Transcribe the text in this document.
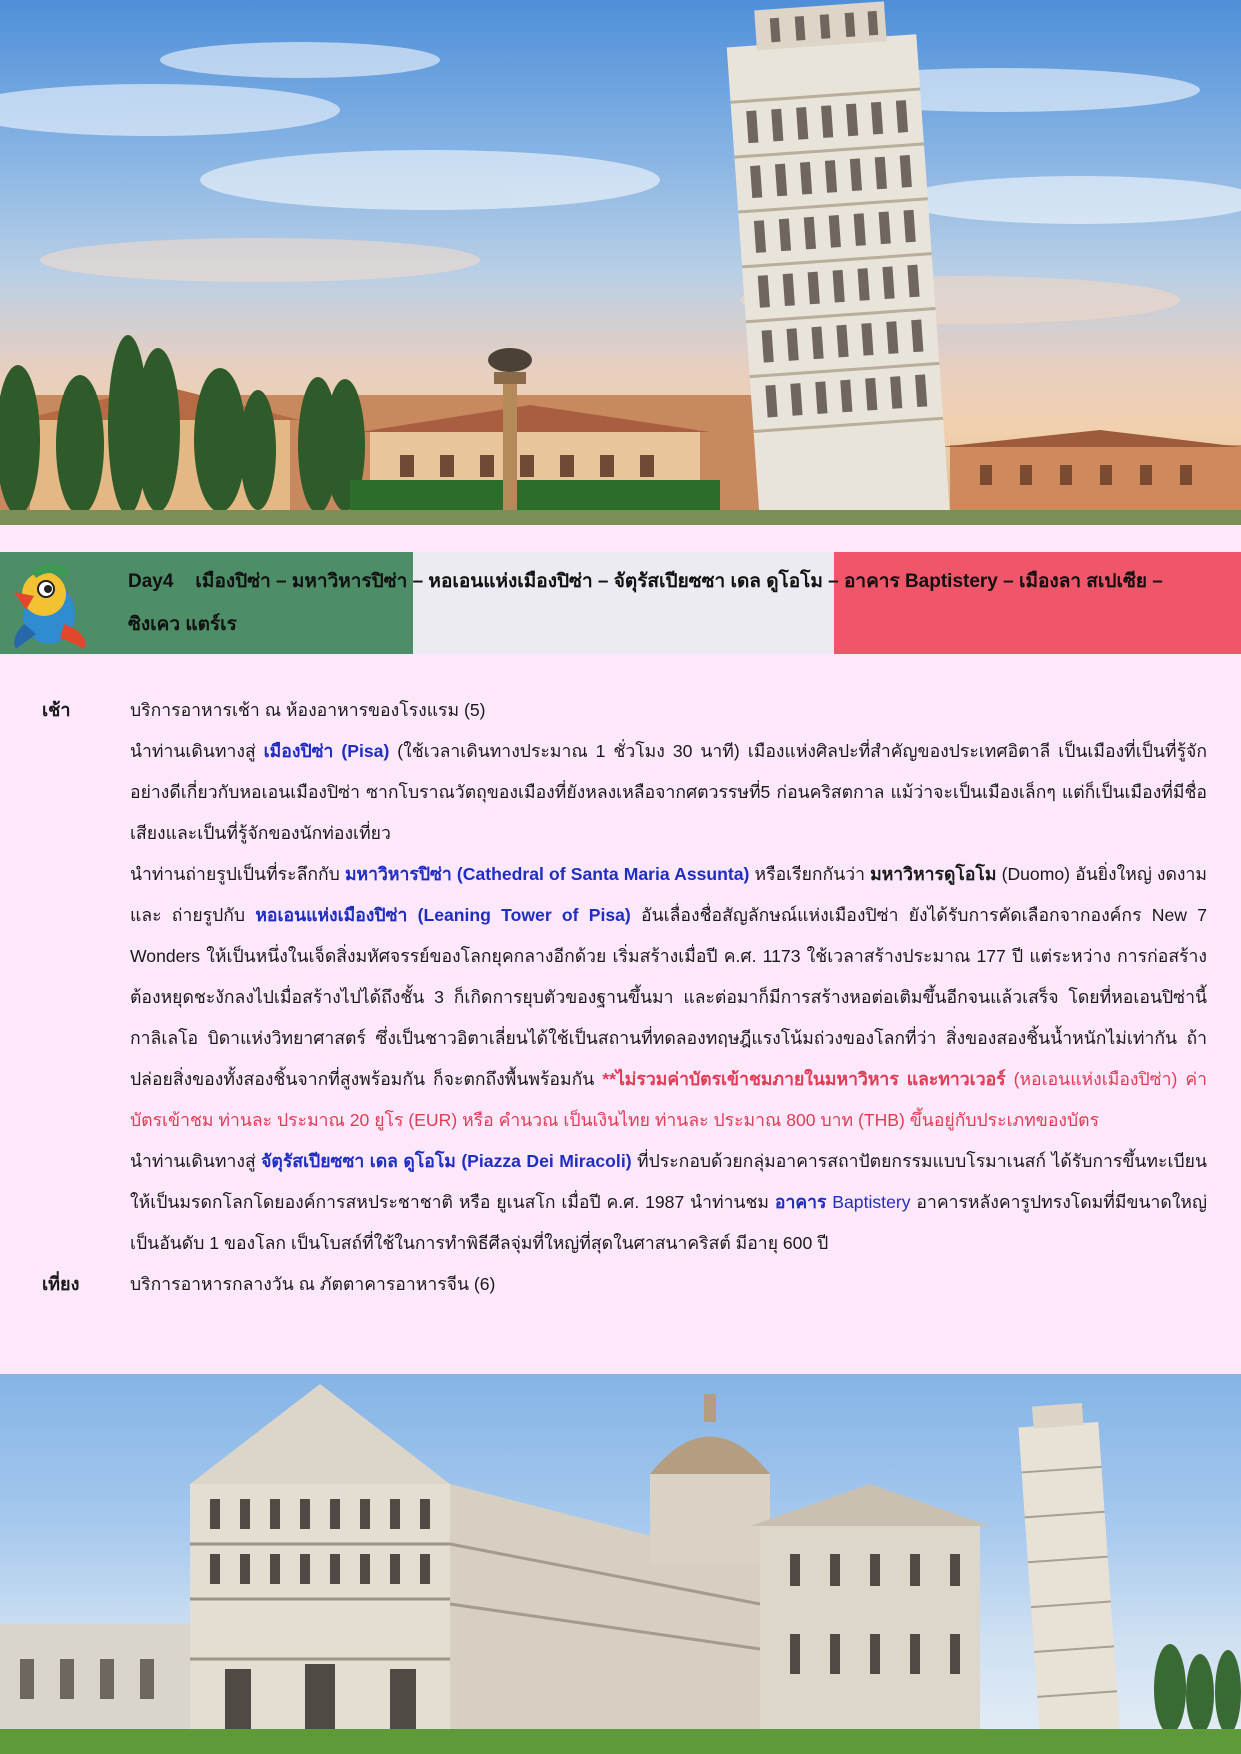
Day4 เมืองปิซ่า – มหาวิหารปิซ่า – หอเอนแห่งเมืองปิซ่า – จัตุรัสเปียซซา เดล ดูโอโม – อาคาร Baptistery – เมืองลา สเปเซีย –
ซิงเคว แตร์เร
เช้า	บริการอาหารเช้า ณ ห้องอาหารของโรงแรม (5)
นำท่านเดินทางสู่ เมืองปิซ่า (Pisa) (ใช้เวลาเดินทางประมาณ 1 ชั่วโมง 30 นาที) เมืองแห่งศิลปะที่สำคัญของประเทศอิตาลี เป็นเมืองที่เป็นที่รู้จักอย่างดีเกี่ยวกับหอเอนเมืองปิซ่า ซากโบราณวัตถุของเมืองที่ยังหลงเหลือจากศตวรรษที่5 ก่อนคริสตกาล แม้ว่าจะเป็นเมืองเล็กๆ แต่ก็เป็นเมืองที่มีชื่อเสียงและเป็นที่รู้จักของนักท่องเที่ยว
นำท่านถ่ายรูปเป็นที่ระลึกกับ มหาวิหารปิซ่า (Cathedral of Santa Maria Assunta) หรือเรียกกันว่า มหาวิหารดูโอโม (Duomo) อันยิ่งใหญ่ งดงามและ ถ่ายรูปกับ หอเอนแห่งเมืองปิซ่า (Leaning Tower of Pisa) อันเลื่องชื่อสัญลักษณ์แห่งเมืองปิซ่า ยังได้รับการคัดเลือกจากองค์กร New 7 Wonders ให้เป็นหนึ่งในเจ็ดสิ่งมหัศจรรย์ของโลกยุคกลางอีกด้วย เริ่มสร้างเมื่อปี ค.ศ. 1173 ใช้เวลาสร้างประมาณ 177 ปี แต่ระหว่าง การก่อสร้างต้องหยุดชะงักลงไปเมื่อสร้างไปได้ถึงชั้น 3 ก็เกิดการยุบตัวของฐานขึ้นมา และต่อมาก็มีการสร้างหอต่อเติมขึ้นอีกจนแล้วเสร็จ โดยที่หอเอนปิซ่านี้ กาลิเลโอ บิดาแห่งวิทยาศาสตร์ ซึ่งเป็นชาวอิตาเลี่ยนได้ใช้เป็นสถานที่ทดลองทฤษฎีแรงโน้มถ่วงของโลกที่ว่า สิ่งของสองชิ้นน้ำหนักไม่เท่ากัน ถ้าปล่อยสิ่งของทั้งสองชิ้นจากที่สูงพร้อมกัน ก็จะตกถึงพื้นพร้อมกัน **ไม่รวมค่าบัตรเข้าชมภายในมหาวิหาร และทาวเวอร์ (หอเอนแห่งเมืองปิซ่า) ค่าบัตรเข้าชม ท่านละ ประมาณ 20 ยูโร (EUR) หรือ คำนวณ เป็นเงินไทย ท่านละ ประมาณ 800 บาท (THB) ขึ้นอยู่กับประเภทของบัตร
นำท่านเดินทางสู่ จัตุรัสเปียซซา เดล ดูโอโม (Piazza Dei Miracoli) ที่ประกอบด้วยกลุ่มอาคารสถาปัตยกรรมแบบโรมาเนสก์ ได้รับการขึ้นทะเบียนให้เป็นมรดกโลกโดยองค์การสหประชาชาติ หรือ ยูเนสโก เมื่อปี ค.ศ. 1987 นำท่านชม อาคาร Baptistery อาคารหลังคารูปทรงโดมที่มีขนาดใหญ่เป็นอันดับ 1 ของโลก เป็นโบสถ์ที่ใช้ในการทำพิธีศีลจุ่มที่ใหญ่ที่สุดในศาสนาคริสต์ มีอายุ 600 ปี
เที่ยง	บริการอาหารกลางวัน ณ ภัตตาคารอาหารจีน (6)
